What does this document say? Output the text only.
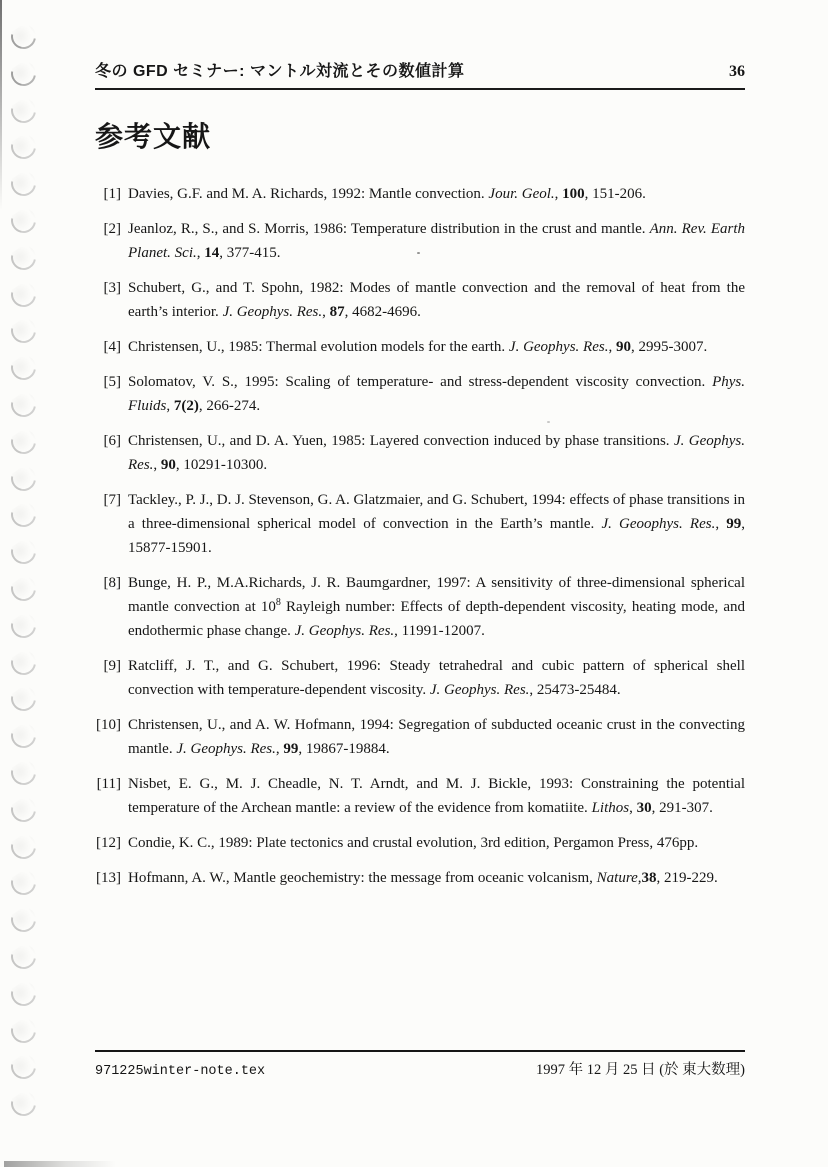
冬の GFD セミナー: マントル対流とその数値計算	36
参考文献
[1] Davies, G.F. and M. A. Richards, 1992: Mantle convection. Jour. Geol., 100, 151-206.
[2] Jeanloz, R., S., and S. Morris, 1986: Temperature distribution in the crust and mantle. Ann. Rev. Earth Planet. Sci., 14, 377-415.
[3] Schubert, G., and T. Spohn, 1982: Modes of mantle convection and the removal of heat from the earth’s interior. J. Geophys. Res., 87, 4682-4696.
[4] Christensen, U., 1985: Thermal evolution models for the earth. J. Geophys. Res., 90, 2995-3007.
[5] Solomatov, V. S., 1995: Scaling of temperature- and stress-dependent viscosity convection. Phys. Fluids, 7(2), 266-274.
[6] Christensen, U., and D. A. Yuen, 1985: Layered convection induced by phase transitions. J. Geophys. Res., 90, 10291-10300.
[7] Tackley., P. J., D. J. Stevenson, G. A. Glatzmaier, and G. Schubert, 1994: effects of phase transitions in a three-dimensional spherical model of convection in the Earth’s mantle. J. Geoophys. Res., 99, 15877-15901.
[8] Bunge, H. P., M.A.Richards, J. R. Baumgardner, 1997: A sensitivity of three-dimensional spherical mantle convection at $10^8$ Rayleigh number: Effects of depth-dependent viscosity, heating mode, and endothermic phase change. J. Geophys. Res., 11991-12007.
[9] Ratcliff, J. T., and G. Schubert, 1996: Steady tetrahedral and cubic pattern of spherical shell convection with temperature-dependent viscosity. J. Geophys. Res., 25473-25484.
[10] Christensen, U., and A. W. Hofmann, 1994: Segregation of subducted oceanic crust in the convecting mantle. J. Geophys. Res., 99, 19867-19884.
[11] Nisbet, E. G., M. J. Cheadle, N. T. Arndt, and M. J. Bickle, 1993: Constraining the potential temperature of the Archean mantle: a review of the evidence from komatiite. Lithos, 30, 291-307.
[12] Condie, K. C., 1989: Plate tectonics and crustal evolution, 3rd edition, Pergamon Press, 476pp.
[13] Hofmann, A. W., Mantle geochemistry: the message from oceanic volcanism, Nature,38, 219-229.
971225winter-note.tex	1997 年 12 月 25 日 (於 東大数理)
